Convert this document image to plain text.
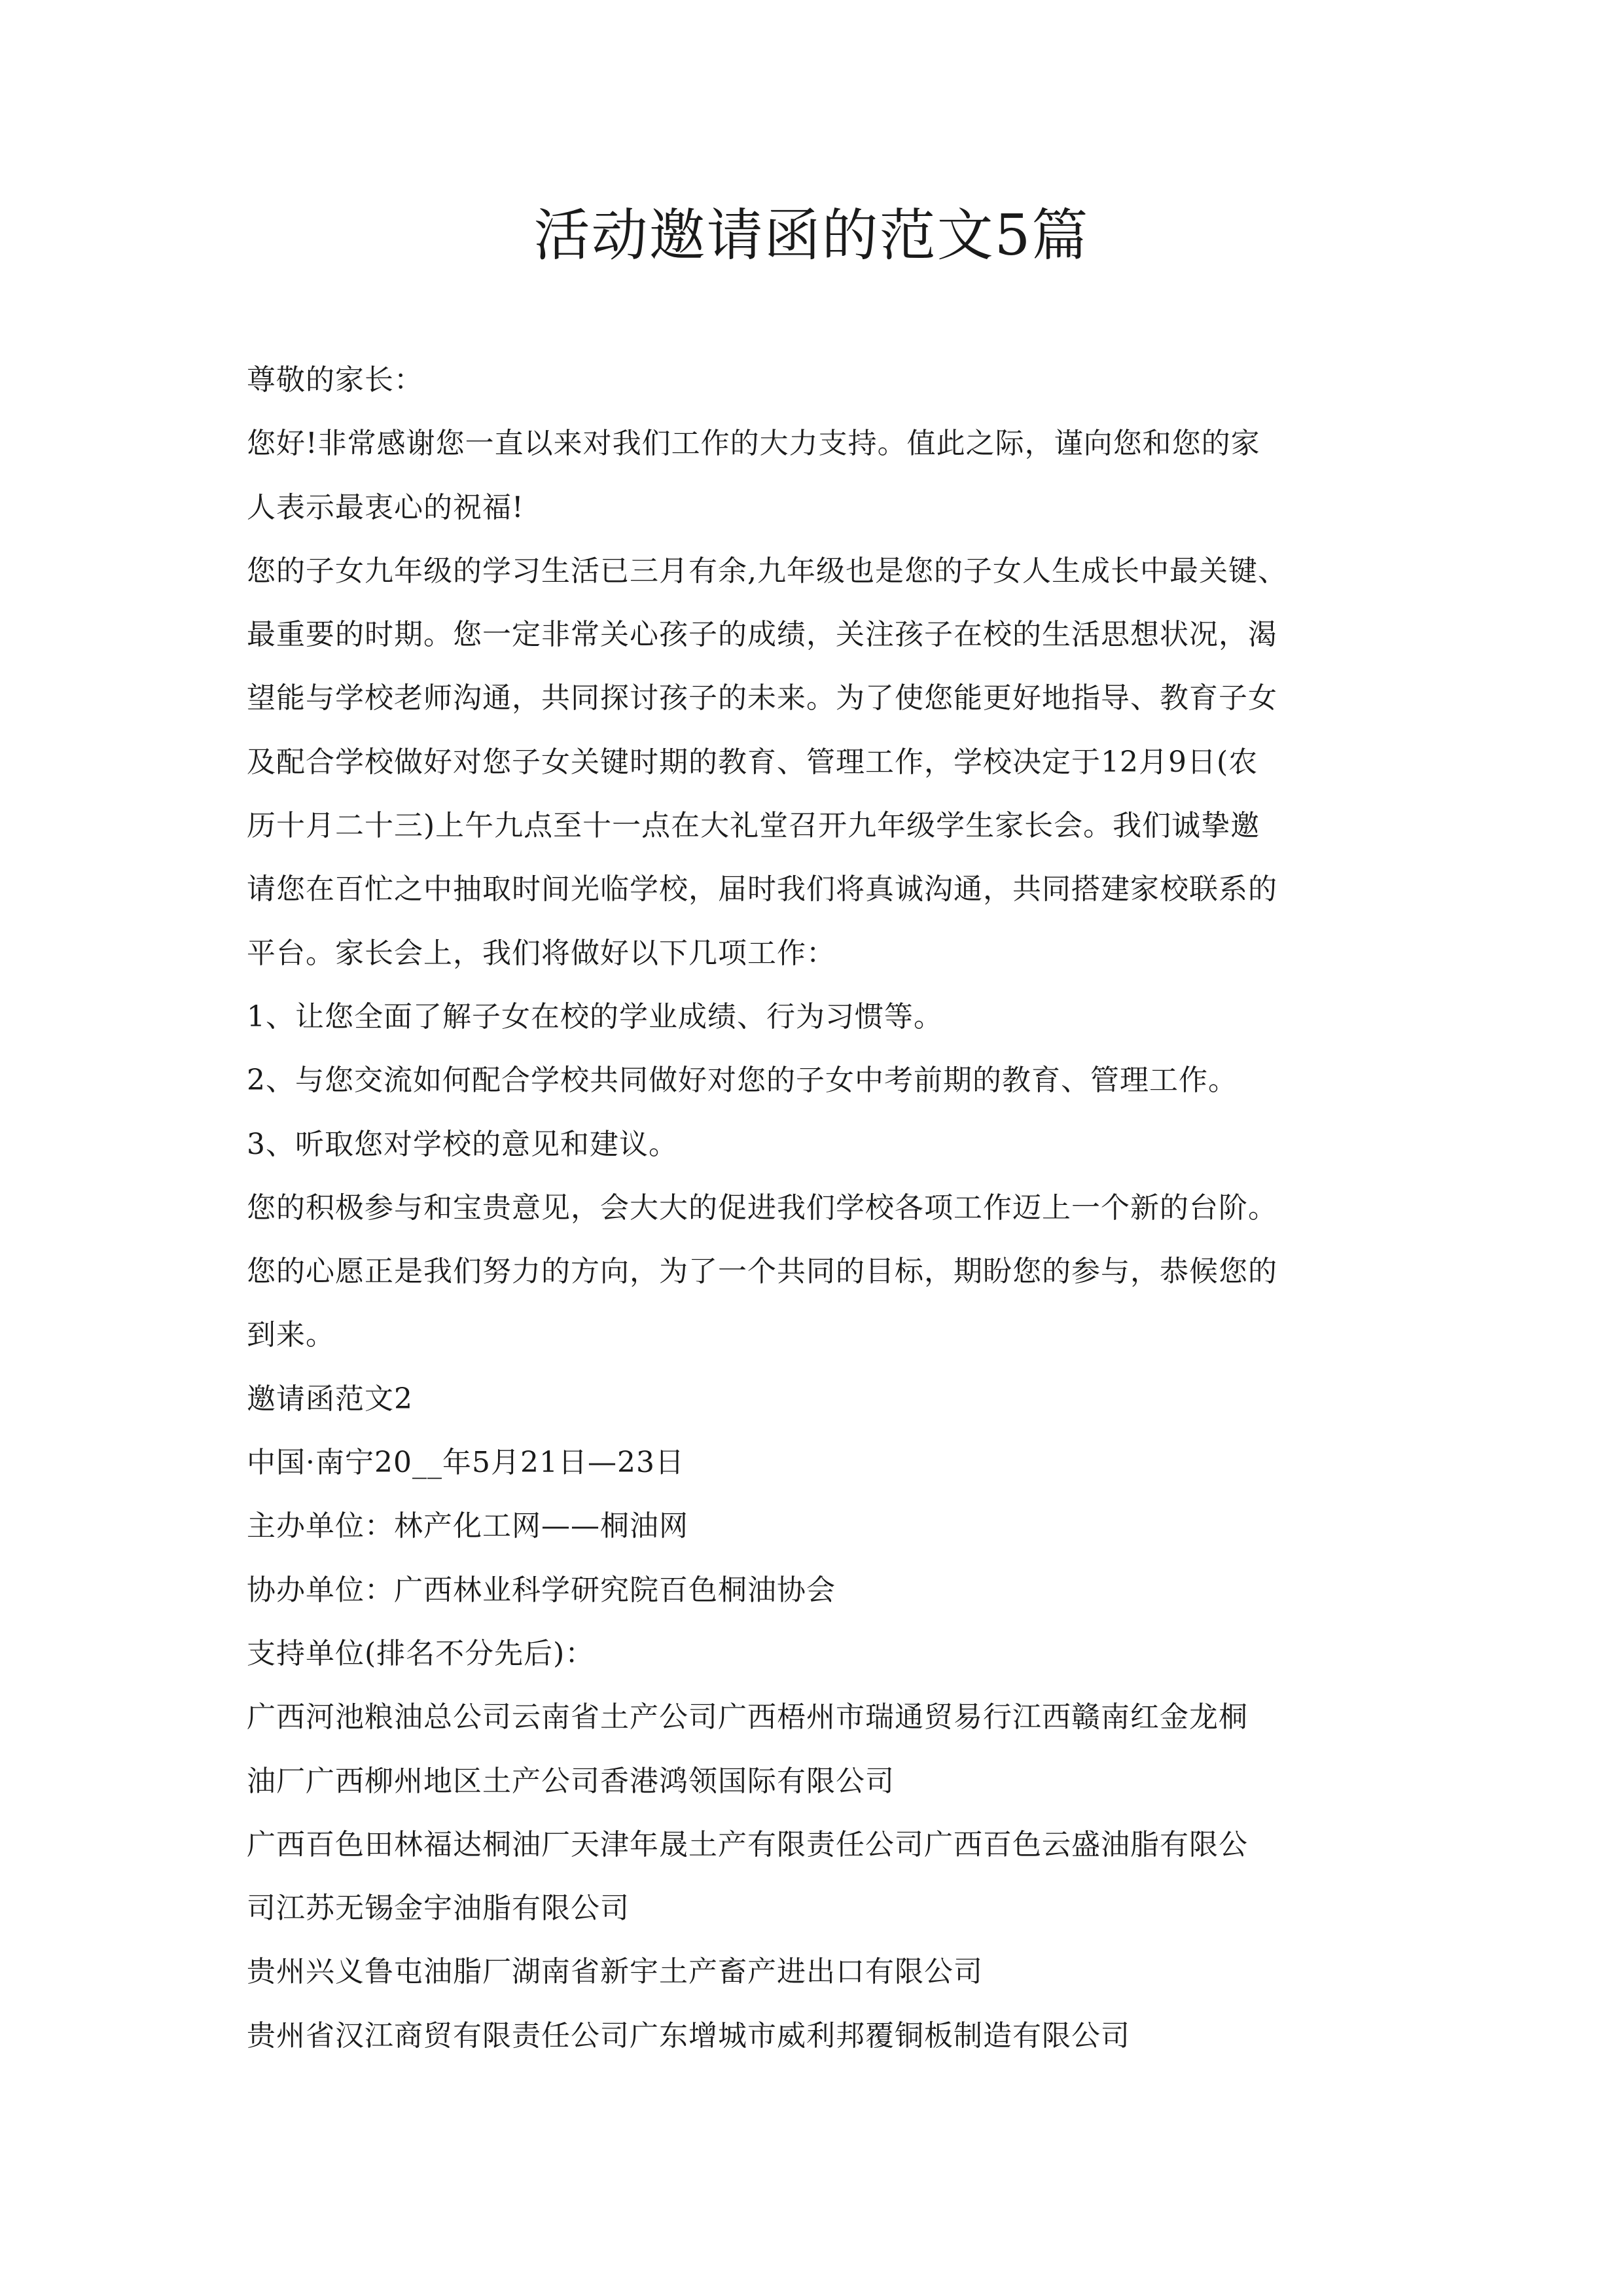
活动邀请函的范文5篇

尊敬的家长：

您好!非常感谢您一直以来对我们工作的大力支持。值此之际，谨向您和您的家

人表示最衷心的祝福!

您的子女九年级的学习生活已三月有余,九年级也是您的子女人生成长中最关键、

最重要的时期。您一定非常关心孩子的成绩，关注孩子在校的生活思想状况，渴

望能与学校老师沟通，共同探讨孩子的未来。为了使您能更好地指导、教育子女

及配合学校做好对您子女关键时期的教育、管理工作，学校决定于12月9日(农

历十月二十三)上午九点至十一点在大礼堂召开九年级学生家长会。我们诚挚邀

请您在百忙之中抽取时间光临学校，届时我们将真诚沟通，共同搭建家校联系的

平台。家长会上，我们将做好以下几项工作：

1、让您全面了解子女在校的学业成绩、行为习惯等。

2、与您交流如何配合学校共同做好对您的子女中考前期的教育、管理工作。

3、听取您对学校的意见和建议。

您的积极参与和宝贵意见，会大大的促进我们学校各项工作迈上一个新的台阶。

您的心愿正是我们努力的方向，为了一个共同的目标，期盼您的参与，恭候您的

到来。

邀请函范文2

中国·南宁20__年5月21日—23日

主办单位：林产化工网——桐油网

协办单位：广西林业科学研究院百色桐油协会

支持单位(排名不分先后)：

广西河池粮油总公司云南省土产公司广西梧州市瑞通贸易行江西赣南红金龙桐

油厂广西柳州地区土产公司香港鸿领国际有限公司

广西百色田林福达桐油厂天津年晟土产有限责任公司广西百色云盛油脂有限公

司江苏无锡金宇油脂有限公司

贵州兴义鲁屯油脂厂湖南省新宇土产畜产进出口有限公司

贵州省汉江商贸有限责任公司广东增城市威利邦覆铜板制造有限公司
